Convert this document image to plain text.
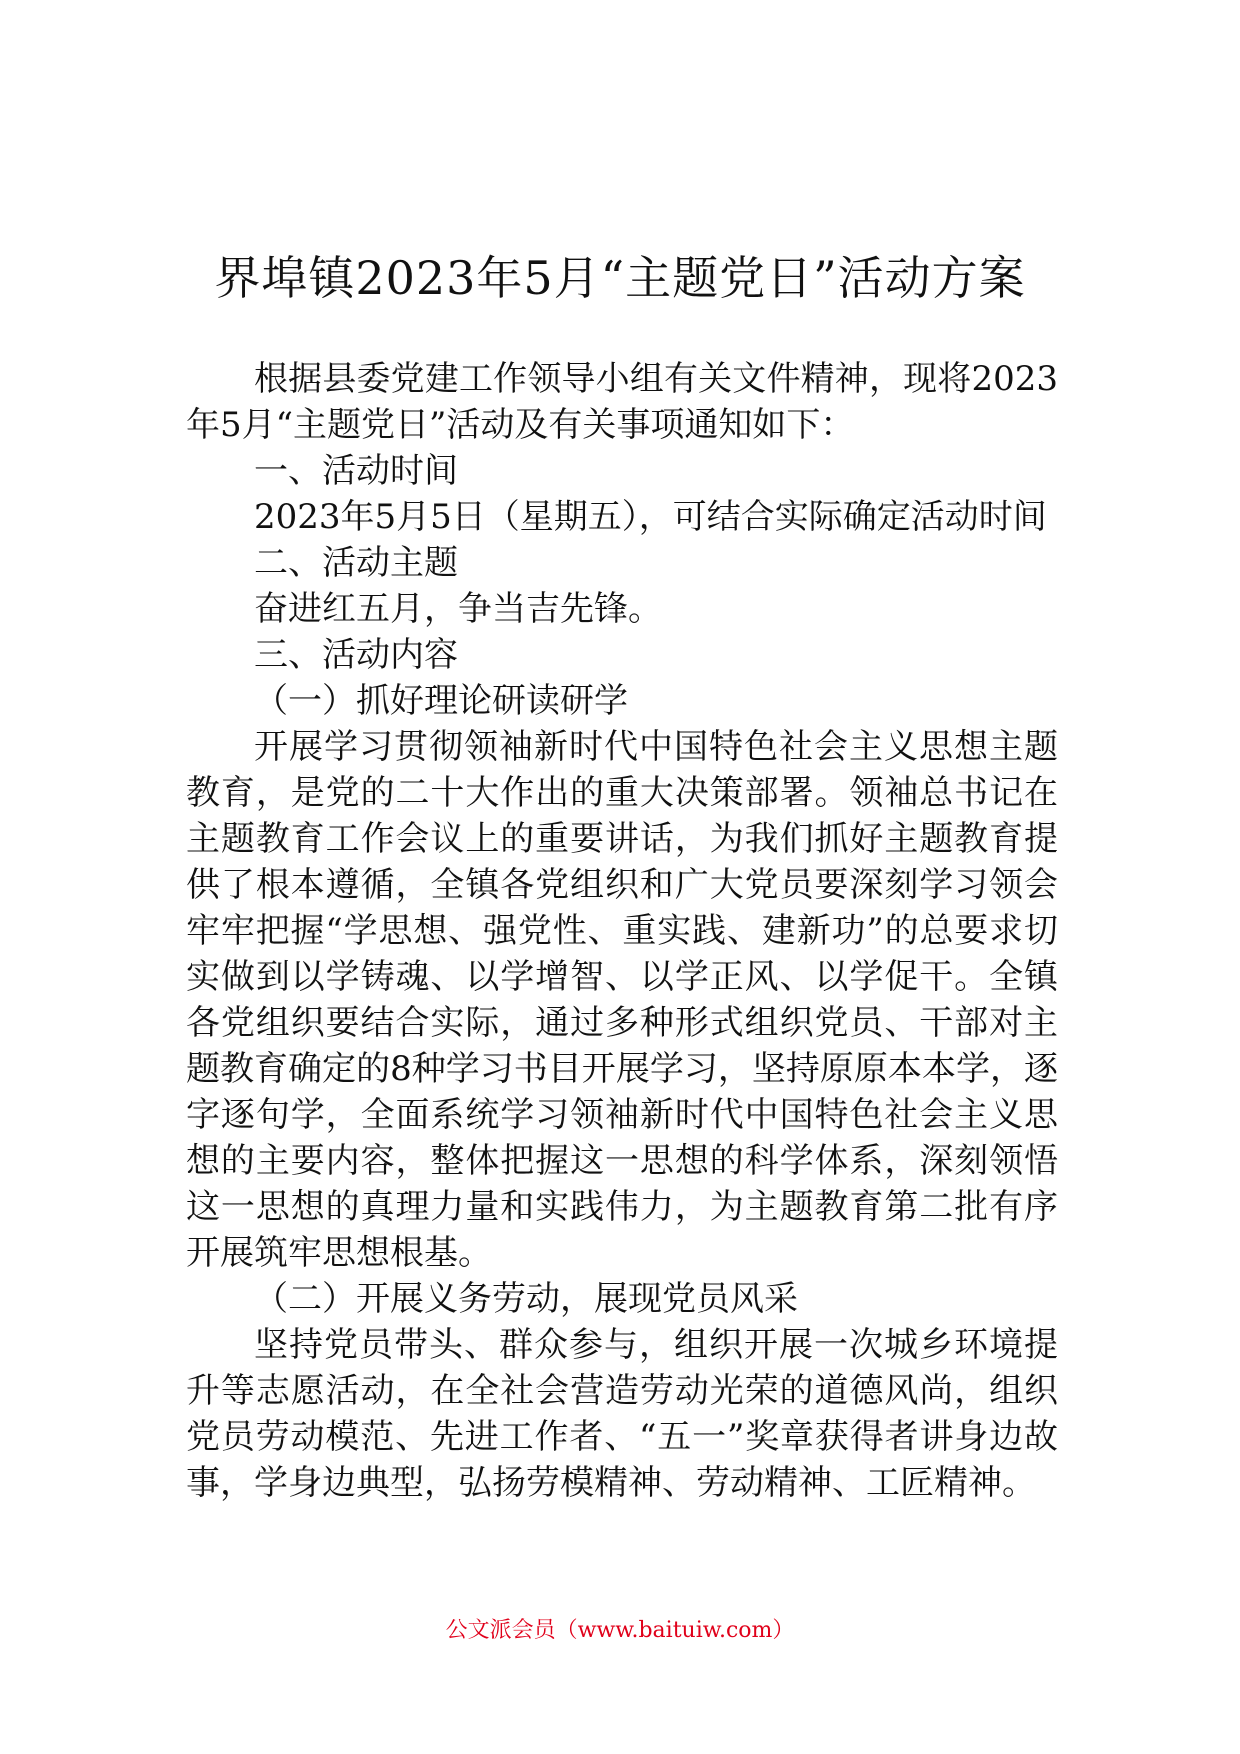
界埠镇2023年5月“主题党日”活动方案

根据县委党建工作领导小组有关文件精神，现将2023年5月“主题党日”活动及有关事项通知如下：

一、活动时间

2023年5月5日（星期五），可结合实际确定活动时间

二、活动主题

奋进红五月，争当吉先锋。

三、活动内容

（一）抓好理论研读研学

开展学习贯彻领袖新时代中国特色社会主义思想主题教育，是党的二十大作出的重大决策部署。领袖总书记在主题教育工作会议上的重要讲话，为我们抓好主题教育提供了根本遵循，全镇各党组织和广大党员要深刻学习领会牢牢把握“学思想、强党性、重实践、建新功”的总要求切实做到以学铸魂、以学增智、以学正风、以学促干。全镇各党组织要结合实际，通过多种形式组织党员、干部对主题教育确定的8种学习书目开展学习，坚持原原本本学，逐字逐句学，全面系统学习领袖新时代中国特色社会主义思想的主要内容，整体把握这一思想的科学体系，深刻领悟这一思想的真理力量和实践伟力，为主题教育第二批有序开展筑牢思想根基。

（二）开展义务劳动，展现党员风采

坚持党员带头、群众参与，组织开展一次城乡环境提升等志愿活动，在全社会营造劳动光荣的道德风尚，组织党员劳动模范、先进工作者、“五一”奖章获得者讲身边故事，学身边典型，弘扬劳模精神、劳动精神、工匠精神。

公文派会员（www.baituiw.com）
